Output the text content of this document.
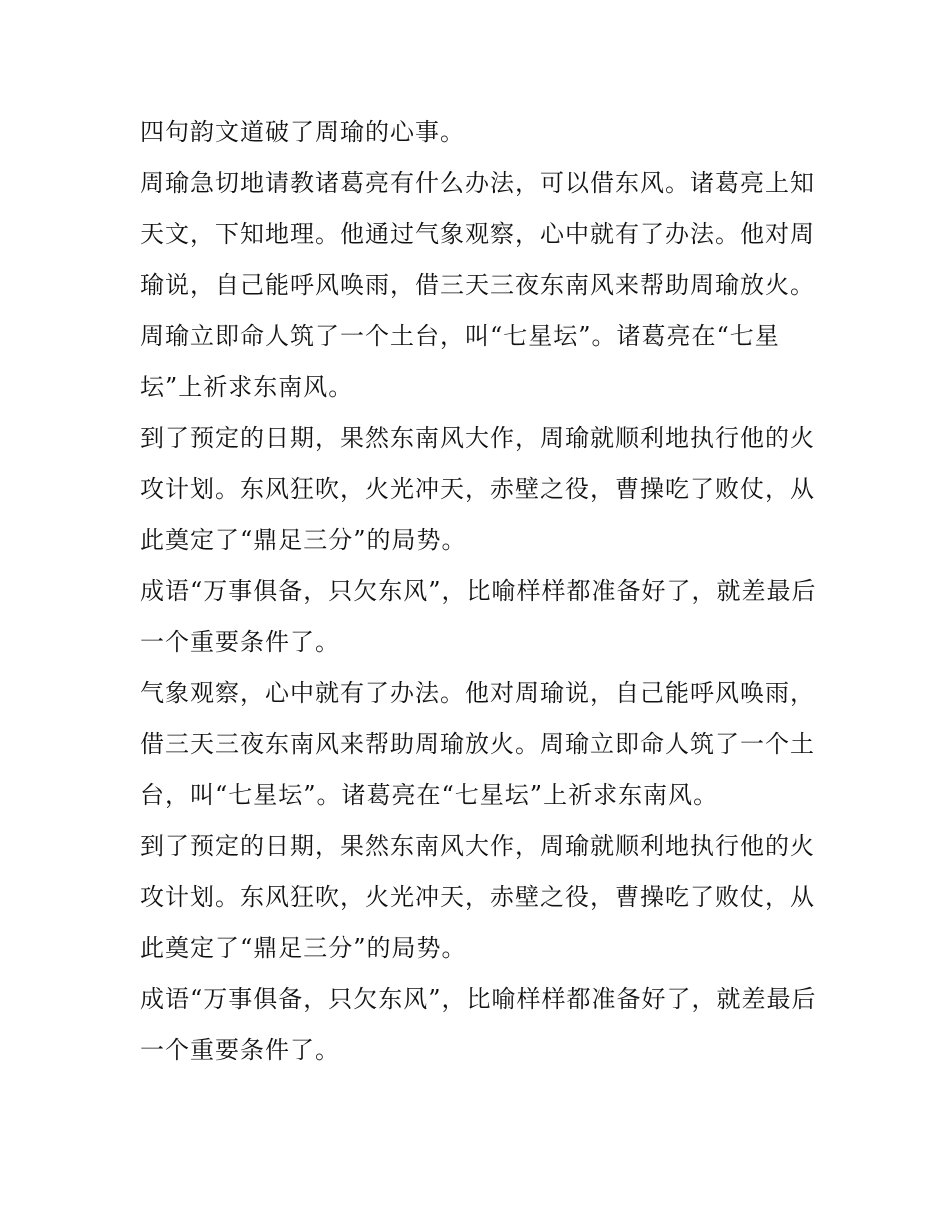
四句韵文道破了周瑜的心事。
周瑜急切地请教诸葛亮有什么办法，可以借东风。诸葛亮上知
天文，下知地理。他通过气象观察，心中就有了办法。他对周
瑜说，自己能呼风唤雨，借三天三夜东南风来帮助周瑜放火。
周瑜立即命人筑了一个土台，叫“七星坛”。诸葛亮在“七星
坛”上祈求东南风。
到了预定的日期，果然东南风大作，周瑜就顺利地执行他的火
攻计划。东风狂吹，火光冲天，赤壁之役，曹操吃了败仗，从
此奠定了“鼎足三分”的局势。
成语“万事俱备，只欠东风”，比喻样样都准备好了，就差最后
一个重要条件了。
气象观察，心中就有了办法。他对周瑜说，自己能呼风唤雨，
借三天三夜东南风来帮助周瑜放火。周瑜立即命人筑了一个土
台，叫“七星坛”。诸葛亮在“七星坛”上祈求东南风。
到了预定的日期，果然东南风大作，周瑜就顺利地执行他的火
攻计划。东风狂吹，火光冲天，赤壁之役，曹操吃了败仗，从
此奠定了“鼎足三分”的局势。
成语“万事俱备，只欠东风”，比喻样样都准备好了，就差最后
一个重要条件了。
